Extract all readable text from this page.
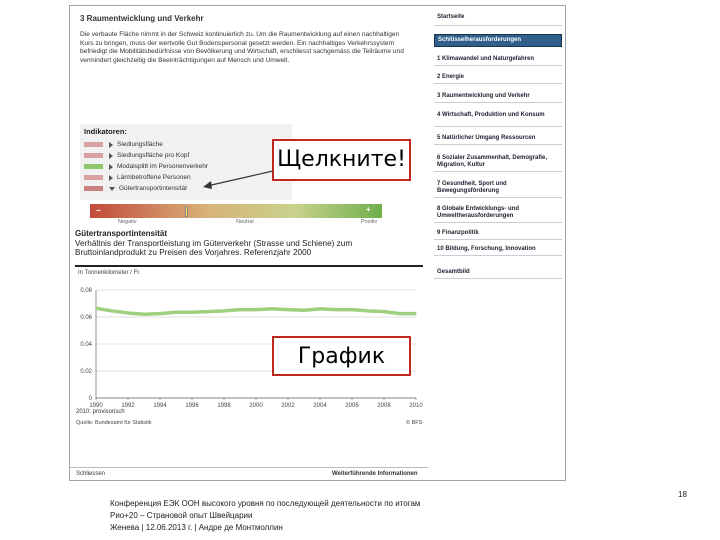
3 Raumentwicklung und Verkehr
Die verbaute Fläche nimmt in der Schweiz kontinuierlich zu. Um die Raumentwicklung auf einen nachhaltigen Kurs zu bringen, muss der wertvolle Gut Bodenspersonal gesetzt werden. Ein nachhaltiges Verkehrssystem befriedigt die Mobilitätsbedürfnisse von Bevölkerung und Wirtschaft, erschliesst sachgemäss die Teilräume und vermindert gleichzeitig die Beeinträchtigungen auf Mensch und Umwelt.
Indikatoren:
Siedlungsfläche
Siedlungsfläche pro Kopf
Modalsplitt im Personenverkehr
Lärmbetroffene Personen
Gütertransportintensität
−	+
Negativ	Neutral	Positiv
Gütertransportintensität
Verhältnis der Transportleistung im Güterverkehr (Strasse und Schiene) zum Bruttoinlandprodukt zu Preisen des Vorjahres. Referenzjahr 2000
In Tonnenkilometer / Fr.
0
0.02
0.04
0.06
0.08
1990	1992	1994	1996	1998	2000	2002	2004	2006	2008	2010
2010: provisorisch
Quelle: Bundesamt für Statistik	© BFS
Schliessen	Weiterführende Informationen
Startseite
Schlüsselherausforderungen
1 Klimawandel und Naturgefahren
2 Energie
3 Raumentwicklung und Verkehr
4 Wirtschaft, Produktion und Konsum
5 Natürlicher Umgang Ressourcen
6 Sozialer Zusammenhalt, Demografie, Migration, Kultur
7 Gesundheit, Sport und Bewegungsförderung
8 Globale Entwicklungs- und Umweltherausforderungen
9 Finanzpolitik
10 Bildung, Forschung, Innovation
Gesamtbild
Щелкните!
График
Конференция ЕЭК ООН высокого уровня по последующей деятельности по итогам
Рио+20 – Страновой опыт Швейцарии
Женева | 12.06.2013 г. | Андре де Монтмоллин
18
